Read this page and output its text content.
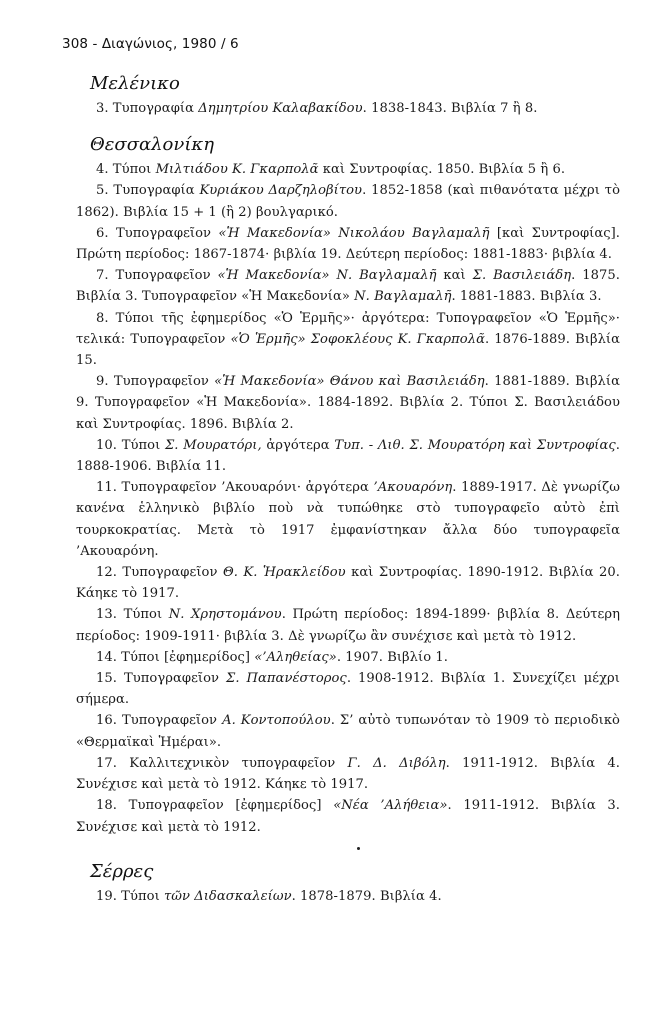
308 - Διαγώνιος, 1980 / 6
Μελένικο

3. Τυπογραφία Δημητρίου Καλαβακίδου. 1838-1843. Βιβλία 7 ἢ 8.

Θεσσαλονίκη

4. Τύποι Μιλτιάδου Κ. Γκαρπολᾶ καὶ Συντροφίας. 1850. Βιβλία 5 ἢ 6.

5. Τυπογραφία Κυριάκου Δαρζηλοβίτου. 1852-1858 (καὶ πιθανότατα μέχρι τὸ 1862). Βιβλία 15 + 1 (ἢ 2) βουλγαρικό.

6. Τυπογραφεῖον «Ἡ Μακεδονία» Νικολάου Βαγλαμαλῆ [καὶ Συντροφίας]. Πρώτη περίοδος: 1867-1874· βιβλία 19. Δεύτερη περίοδος: 1881-1883· βιβλία 4.

7. Τυπογραφεῖον «Ἡ Μακεδονία» Ν. Βαγλαμαλῆ καὶ Σ. Βασιλειάδη. 1875. Βιβλία 3. Τυπογραφεῖον «Ἡ Μακεδονία» Ν. Βαγλαμαλῆ. 1881-1883. Βιβλία 3.

8. Τύποι τῆς ἐφημερίδος «Ὁ Ἑρμῆς»· ἀργότερα: Τυπογραφεῖον «Ὁ Ἑρμῆς»· τελικά: Τυπογραφεῖον «Ὁ Ἑρμῆς» Σοφοκλέους Κ. Γκαρπολᾶ. 1876-1889. Βιβλία 15.

9. Τυπογραφεῖον «Ἡ Μακεδονία» Θάνου καὶ Βασιλειάδη. 1881-1889. Βιβλία 9. Τυπογραφεῖον «Ἡ Μακεδονία». 1884-1892. Βιβλία 2. Τύποι Σ. Βασιλειάδου καὶ Συντροφίας. 1896. Βιβλία 2.

10. Τύποι Σ. Μουρατόρι, ἀργότερα Τυπ. - Λιθ. Σ. Μουρατόρη καὶ Συντροφίας. 1888-1906. Βιβλία 11.

11. Τυπογραφεῖον ’Ακουαρόνι· ἀργότερα ’Ακουαρόνη. 1889-1917. Δὲ γνωρίζω κανένα ἑλληνικὸ βιβλίο ποὺ νὰ τυπώθηκε στὸ τυπογραφεῖο αὐτὸ ἐπὶ τουρκοκρατίας. Μετὰ τὸ 1917 ἐμφανίστηκαν ἄλλα δύο τυπογραφεῖα ’Ακουαρόνη.

12. Τυπογραφεῖον Θ. Κ. Ἡρακλείδου καὶ Συντροφίας. 1890-1912. Βιβλία 20. Κάηκε τὸ 1917.

13. Τύποι Ν. Χρηστομάνου. Πρώτη περίοδος: 1894-1899· βιβλία 8. Δεύτερη περίοδος: 1909-1911· βιβλία 3. Δὲ γνωρίζω ἂν συνέχισε καὶ μετὰ τὸ 1912.

14. Τύποι [ἐφημερίδος] «’Αληθείας». 1907. Βιβλίο 1.

15. Τυπογραφεῖον Σ. Παπανέστορος. 1908-1912. Βιβλία 1. Συνεχίζει μέχρι σήμερα.

16. Τυπογραφεῖον Α. Κοντοπούλου. Σ’ αὐτὸ τυπωνόταν τὸ 1909 τὸ περιοδικὸ «Θερμαϊκαὶ Ἡμέραι».

17. Καλλιτεχνικὸν τυπογραφεῖον Γ. Δ. Διβόλη. 1911-1912. Βιβλία 4. Συνέχισε καὶ μετὰ τὸ 1912. Κάηκε τὸ 1917.

18. Τυπογραφεῖον [ἐφημερίδος] «Νέα ’Αλήθεια». 1911-1912. Βιβλία 3. Συνέχισε καὶ μετὰ τὸ 1912.

Σέρρες

19. Τύποι τῶν Διδασκαλείων. 1878-1879. Βιβλία 4.
